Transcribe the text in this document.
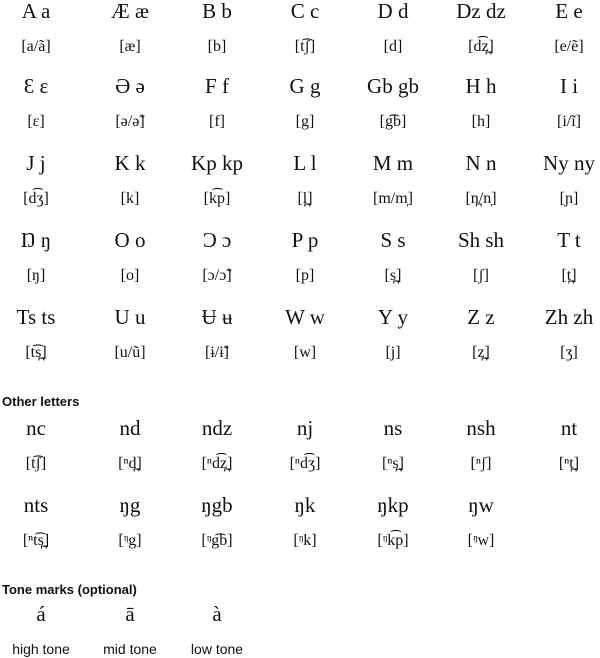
A a
[a/ã]
Æ æ
[æ]
B b
[b]
C c
[t͡ʃ]
D d
[d]
Dz dz
[d͡z̪]
E e
[e/ẽ]
Ɛ ɛ
[ɛ]
Ə ə
[ə/ə̃]
F f
[f]
G g
[g]
Gb gb
[g͡b]
H h
[h]
I i
[i/ĩ]
J j
[d͡ʒ]
K k
[k]
Kp kp
[k͡p]
L l
[l̪]
M m
[m/m̩]
N n
[n̪/n̩]
Ny ny
[ɲ]
Ŋ ŋ
[ŋ]
O o
[o]
Ɔ ɔ
[ɔ/ɔ̃]
P p
[p]
S s
[s̪]
Sh sh
[ʃ]
T t
[t̪]
Ts ts
[t͡s̪]
U u
[u/ũ]
Ʉ ʉ
[ɨ/ɨ̃]
W w
[w]
Y y
[j]
Z z
[z̪]
Zh zh
[ʒ]
Other letters
nc
[t͡ʃ]
nd
[ⁿd̪]
ndz
[ⁿd͡z̪]
nj
[ⁿd͡ʒ]
ns
[ⁿs̪]
nsh
[ⁿʃ]
nt
[ⁿt̪]
nts
[ⁿt͡s̪]
ŋg
[ᵑg]
ŋgb
[ᵑg͡b]
ŋk
[ᵑk]
ŋkp
[ᵑk͡p]
ŋw
[ᵑw]
Tone marks (optional)
á
high tone
ā
mid tone
à
low tone
